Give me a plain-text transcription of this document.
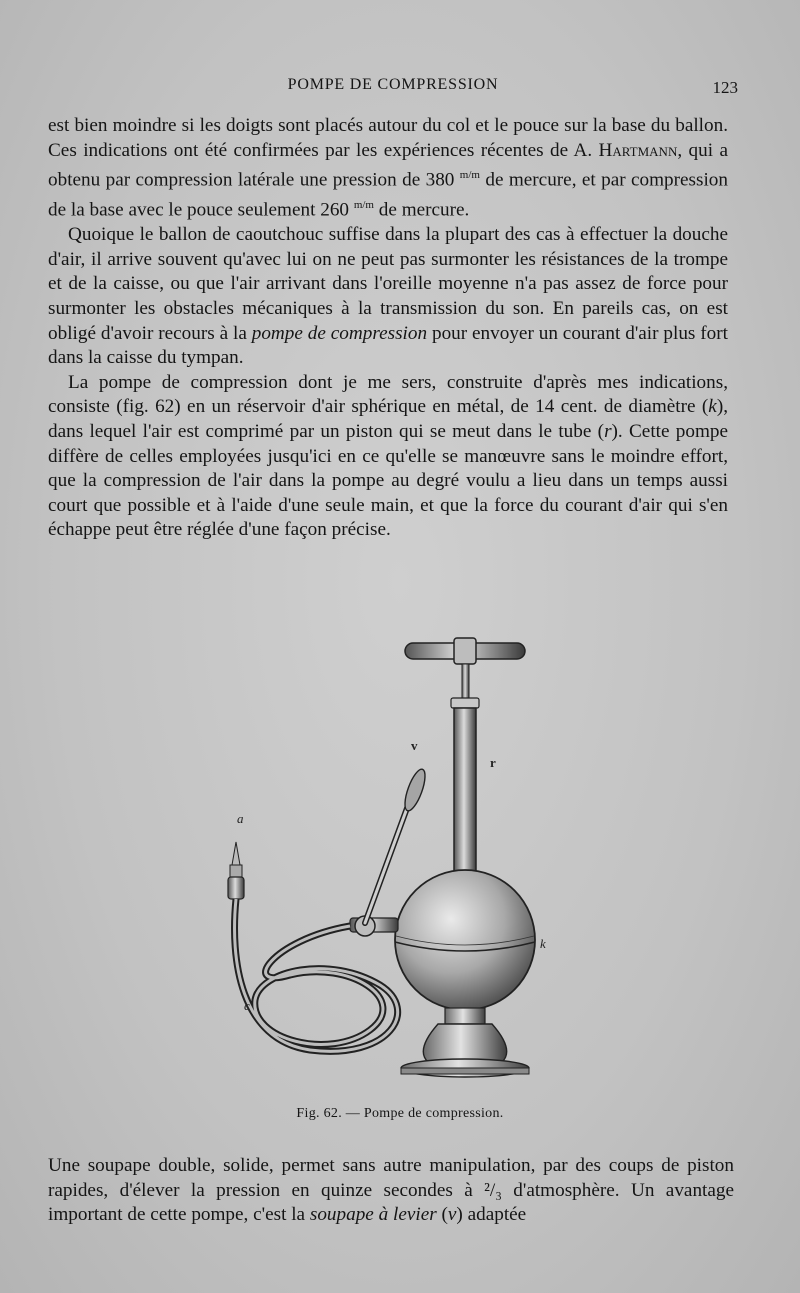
POMPE DE COMPRESSION	123

est bien moindre si les doigts sont placés autour du col et le pouce sur la base du ballon. Ces indications ont été confirmées par les expériences récentes de A. Hartmann, qui a obtenu par compression latérale une pression de 380 $^{m/m}$ de mercure, et par compression de la base avec le pouce seulement 260 $^{m/m}$ de mercure.

Quoique le ballon de caoutchouc suffise dans la plupart des cas à effectuer la douche d'air, il arrive souvent qu'avec lui on ne peut pas surmonter les résistances de la trompe et de la caisse, ou que l'air arrivant dans l'oreille moyenne n'a pas assez de force pour surmonter les obstacles mécaniques à la transmission du son. En pareils cas, on est obligé d'avoir recours à la pompe de compression pour envoyer un courant d'air plus fort dans la caisse du tympan.

La pompe de compression dont je me sers, construite d'après mes indications, consiste (fig. 62) en un réservoir d'air sphérique en métal, de 14 cent. de diamètre (k), dans lequel l'air est comprimé par un piston qui se meut dans le tube (r). Cette pompe diffère de celles employées jusqu'ici en ce qu'elle se manœuvre sans le moindre effort, que la compression de l'air dans la pompe au degré voulu a lieu dans un temps aussi court que possible et à l'aide d'une seule main, et que la force du courant d'air qui s'en échappe peut être réglée d'une façon précise.

v
r
a
k
c
Fig. 62. — Pompe de compression.
Une soupape double, solide, permet sans autre manipulation, par des coups de piston rapides, d'élever la pression en quinze secondes à ²/₃ d'atmosphère. Un avantage important de cette pompe, c'est la soupape à levier (v) adaptée
